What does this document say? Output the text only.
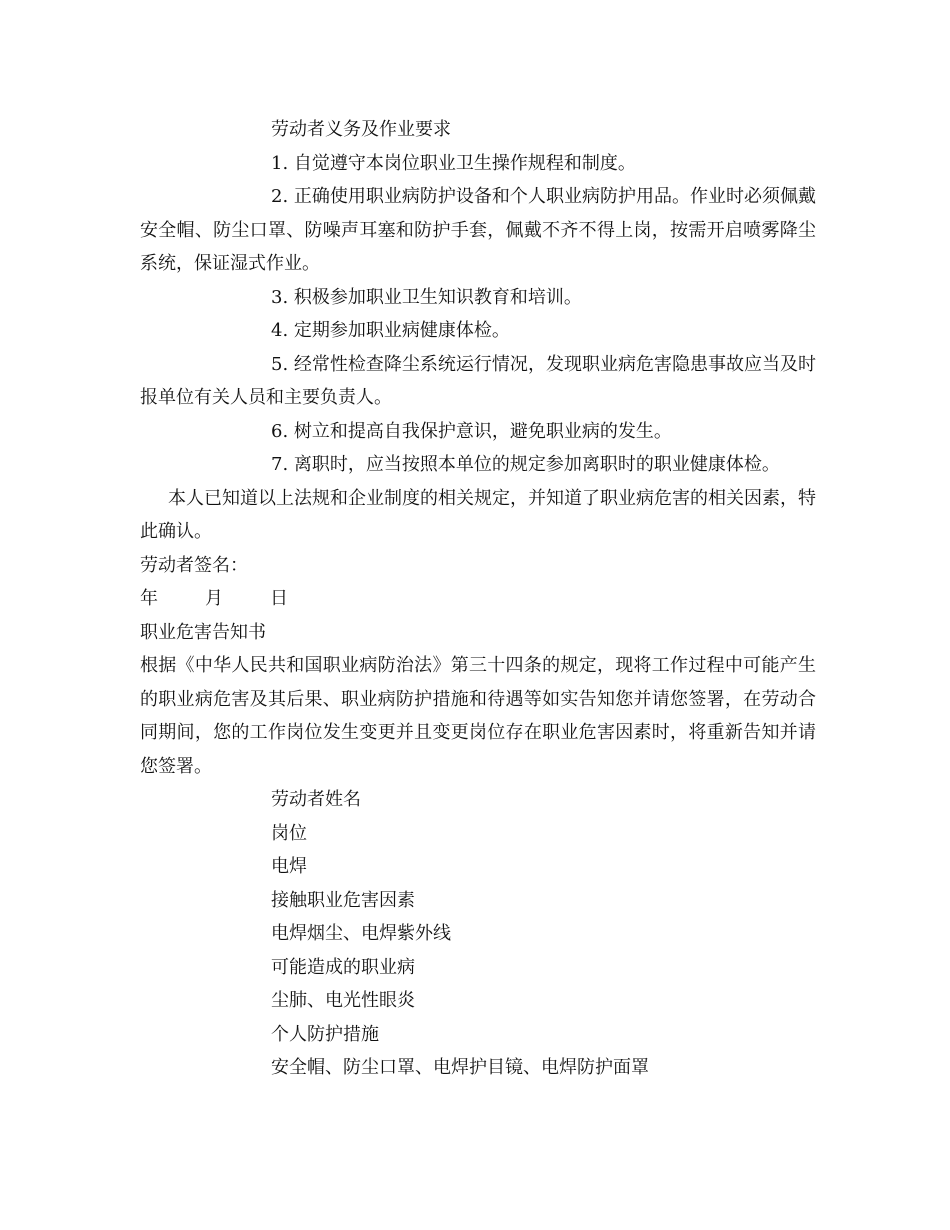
劳动者义务及作业要求

1. 自觉遵守本岗位职业卫生操作规程和制度。

2. 正确使用职业病防护设备和个人职业病防护用品。作业时必须佩戴安全帽、防尘口罩、防噪声耳塞和防护手套，佩戴不齐不得上岗，按需开启喷雾降尘系统，保证湿式作业。

3. 积极参加职业卫生知识教育和培训。

4. 定期参加职业病健康体检。

5. 经常性检查降尘系统运行情况，发现职业病危害隐患事故应当及时报单位有关人员和主要负责人。

6. 树立和提高自我保护意识，避免职业病的发生。

7. 离职时，应当按照本单位的规定参加离职时的职业健康体检。

本人已知道以上法规和企业制度的相关规定，并知道了职业病危害的相关因素，特此确认。

劳动者签名：

年	月	日

职业危害告知书

根据《中华人民共和国职业病防治法》第三十四条的规定，现将工作过程中可能产生的职业病危害及其后果、职业病防护措施和待遇等如实告知您并请您签署，在劳动合同期间，您的工作岗位发生变更并且变更岗位存在职业危害因素时，将重新告知并请您签署。

劳动者姓名

岗位

电焊

接触职业危害因素

电焊烟尘、电焊紫外线

可能造成的职业病

尘肺、电光性眼炎

个人防护措施

安全帽、防尘口罩、电焊护目镜、电焊防护面罩
